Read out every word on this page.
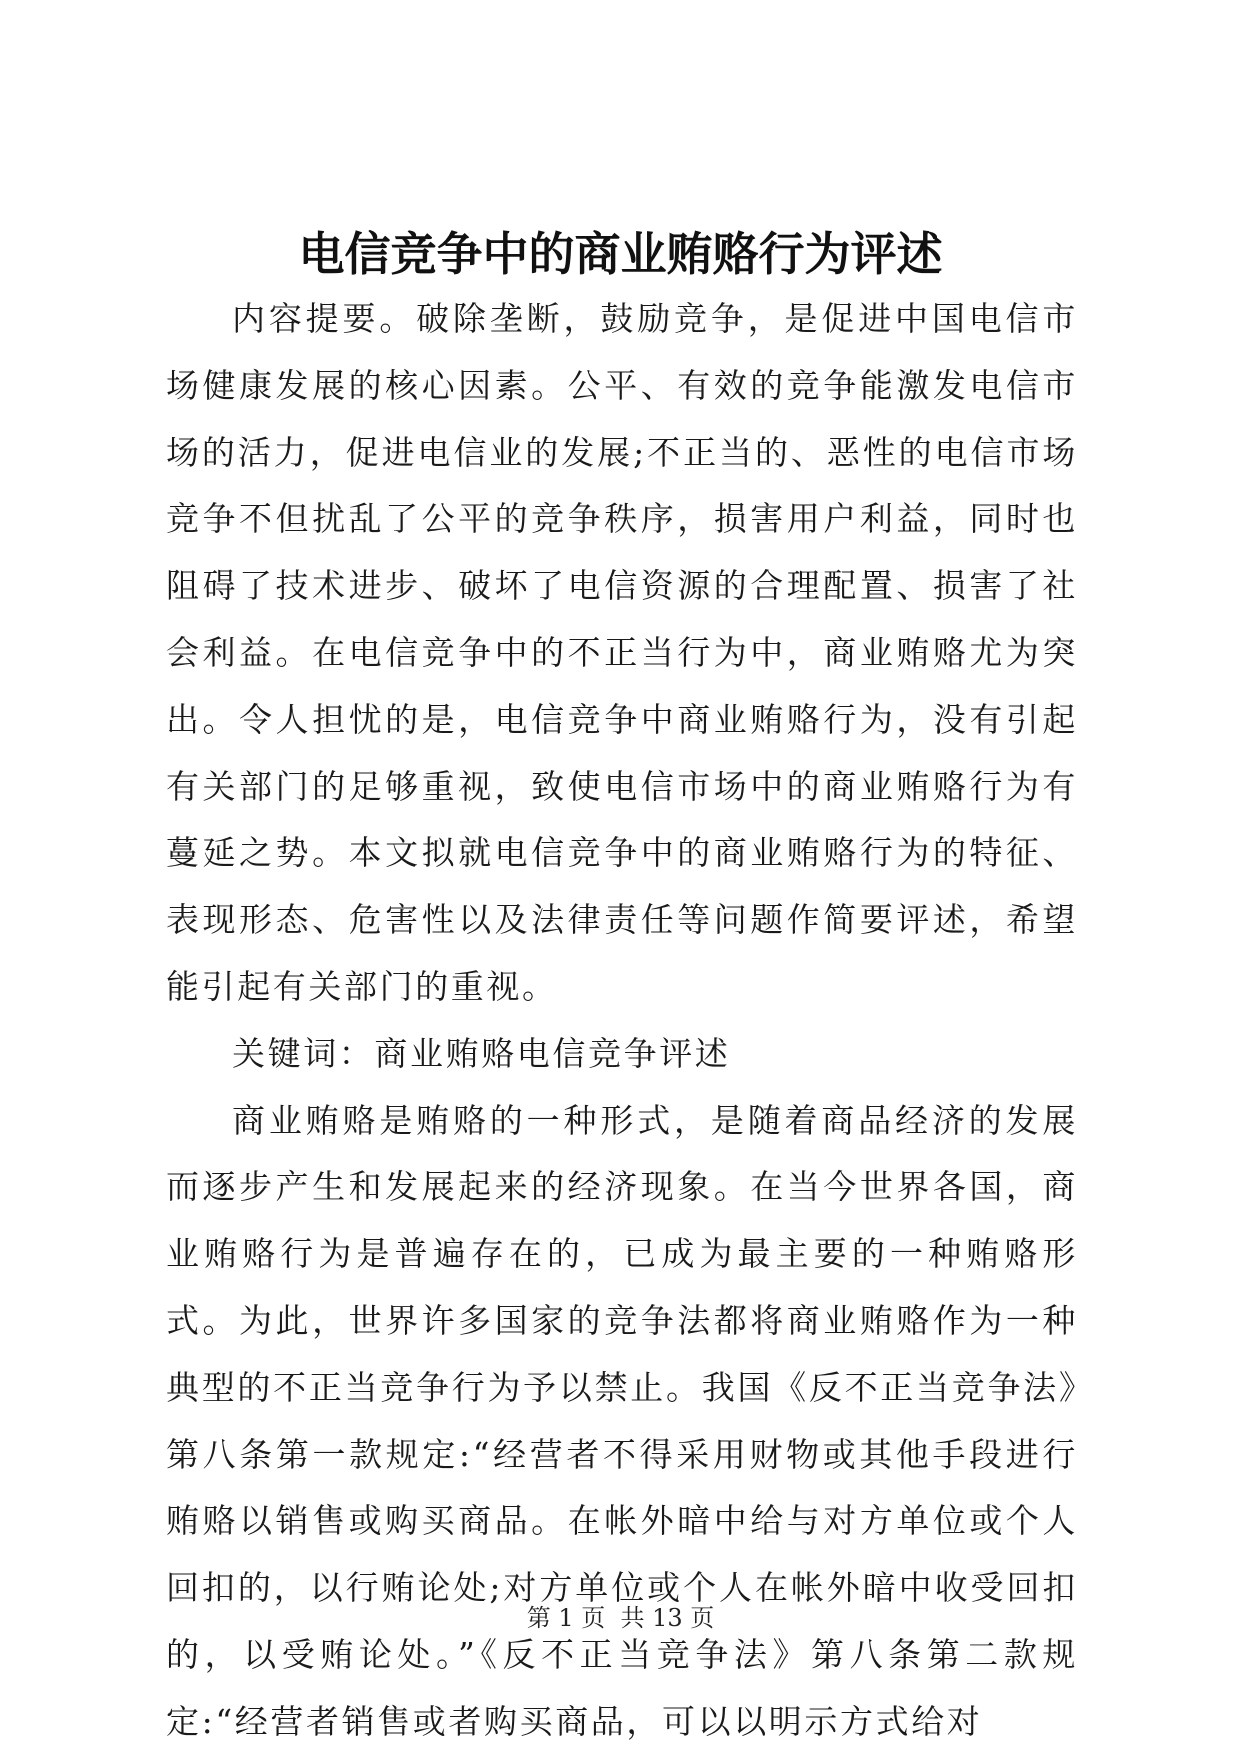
电信竞争中的商业贿赂行为评述

内容提要。破除垄断，鼓励竞争，是促进中国电信市场健康发展的核心因素。公平、有效的竞争能激发电信市场的活力，促进电信业的发展;不正当的、恶性的电信市场竞争不但扰乱了公平的竞争秩序，损害用户利益，同时也阻碍了技术进步、破坏了电信资源的合理配置、损害了社会利益。在电信竞争中的不正当行为中，商业贿赂尤为突出。令人担忧的是，电信竞争中商业贿赂行为，没有引起有关部门的足够重视，致使电信市场中的商业贿赂行为有蔓延之势。本文拟就电信竞争中的商业贿赂行为的特征、表现形态、危害性以及法律责任等问题作简要评述，希望能引起有关部门的重视。

关键词：商业贿赂电信竞争评述

商业贿赂是贿赂的一种形式，是随着商品经济的发展而逐步产生和发展起来的经济现象。在当今世界各国，商业贿赂行为是普遍存在的，已成为最主要的一种贿赂形式。为此，世界许多国家的竞争法都将商业贿赂作为一种典型的不正当竞争行为予以禁止。我国《反不正当竞争法》第八条第一款规定:“经营者不得采用财物或其他手段进行贿赂以销售或购买商品。在帐外暗中给与对方单位或个人回扣的，以行贿论处;对方单位或个人在帐外暗中收受回扣的，以受贿论处。”《反不正当竞争法》第八条第二款规定:“经营者销售或者购买商品，可以以明示方式给对

第 1 页 共 13 页
